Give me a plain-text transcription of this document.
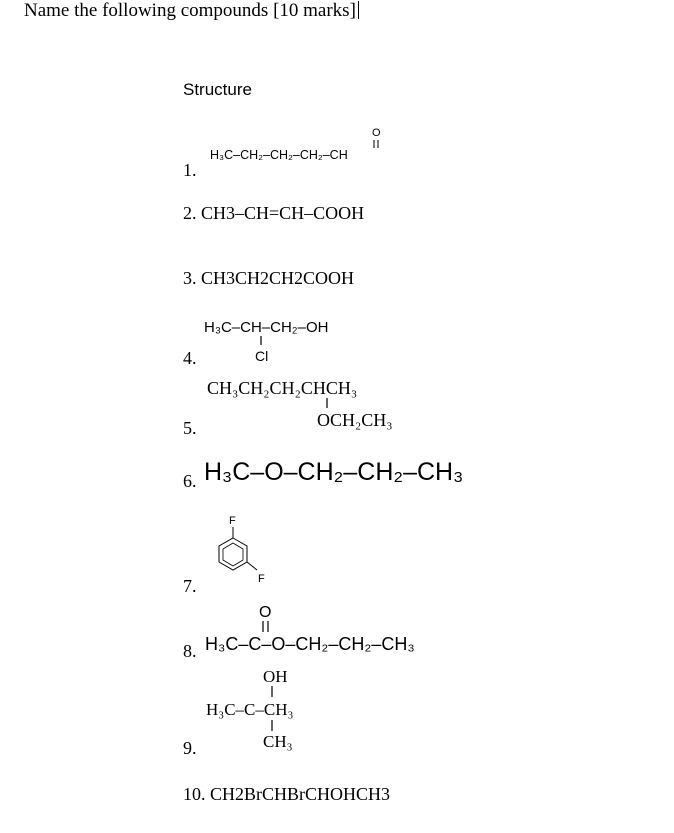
Name the following compounds [10 marks]
Structure
1.
O
H₃C–CH₂–CH₂–CH₂–CH
2. CH3–CH=CH–COOH
3. CH3CH2CH2COOH
4.
H₃C–CH–CH₂–OH
Cl
5.
CH₃CH₂CH₂CHCH₃
OCH₂CH₃
6. H₃C–O–CH₂–CH₂–CH₃
7.
F
F
8.
O
H₃C–C–O–CH₂–CH₂–CH₃
9.
OH
H₃C–C–CH₃
CH₃
10. CH2BrCHBrCHOHCH3
